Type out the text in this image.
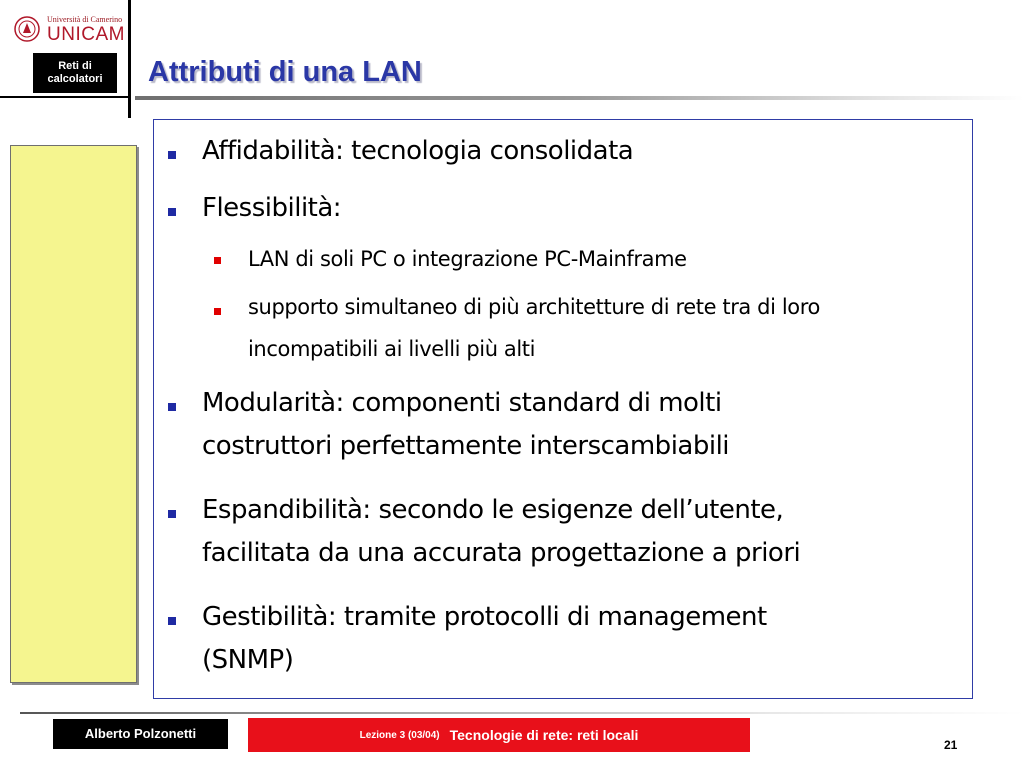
Università di Camerino
UNICAM
Reti di calcolatori	Attributi di una LAN
Affidabilità: tecnologia consolidata
Flessibilità:
LAN di soli PC o integrazione PC-Mainframe
supporto simultaneo di più architetture di rete tra di loro
incompatibili ai livelli più alti
Modularità: componenti standard di molti
costruttori perfettamente interscambiabili
Espandibilità: secondo le esigenze dell’utente,
facilitata da una accurata progettazione a priori
Gestibilità: tramite protocolli di management
(SNMP)
Alberto Polzonetti	Lezione 3 (03/04) Tecnologie di rete: reti locali
21
